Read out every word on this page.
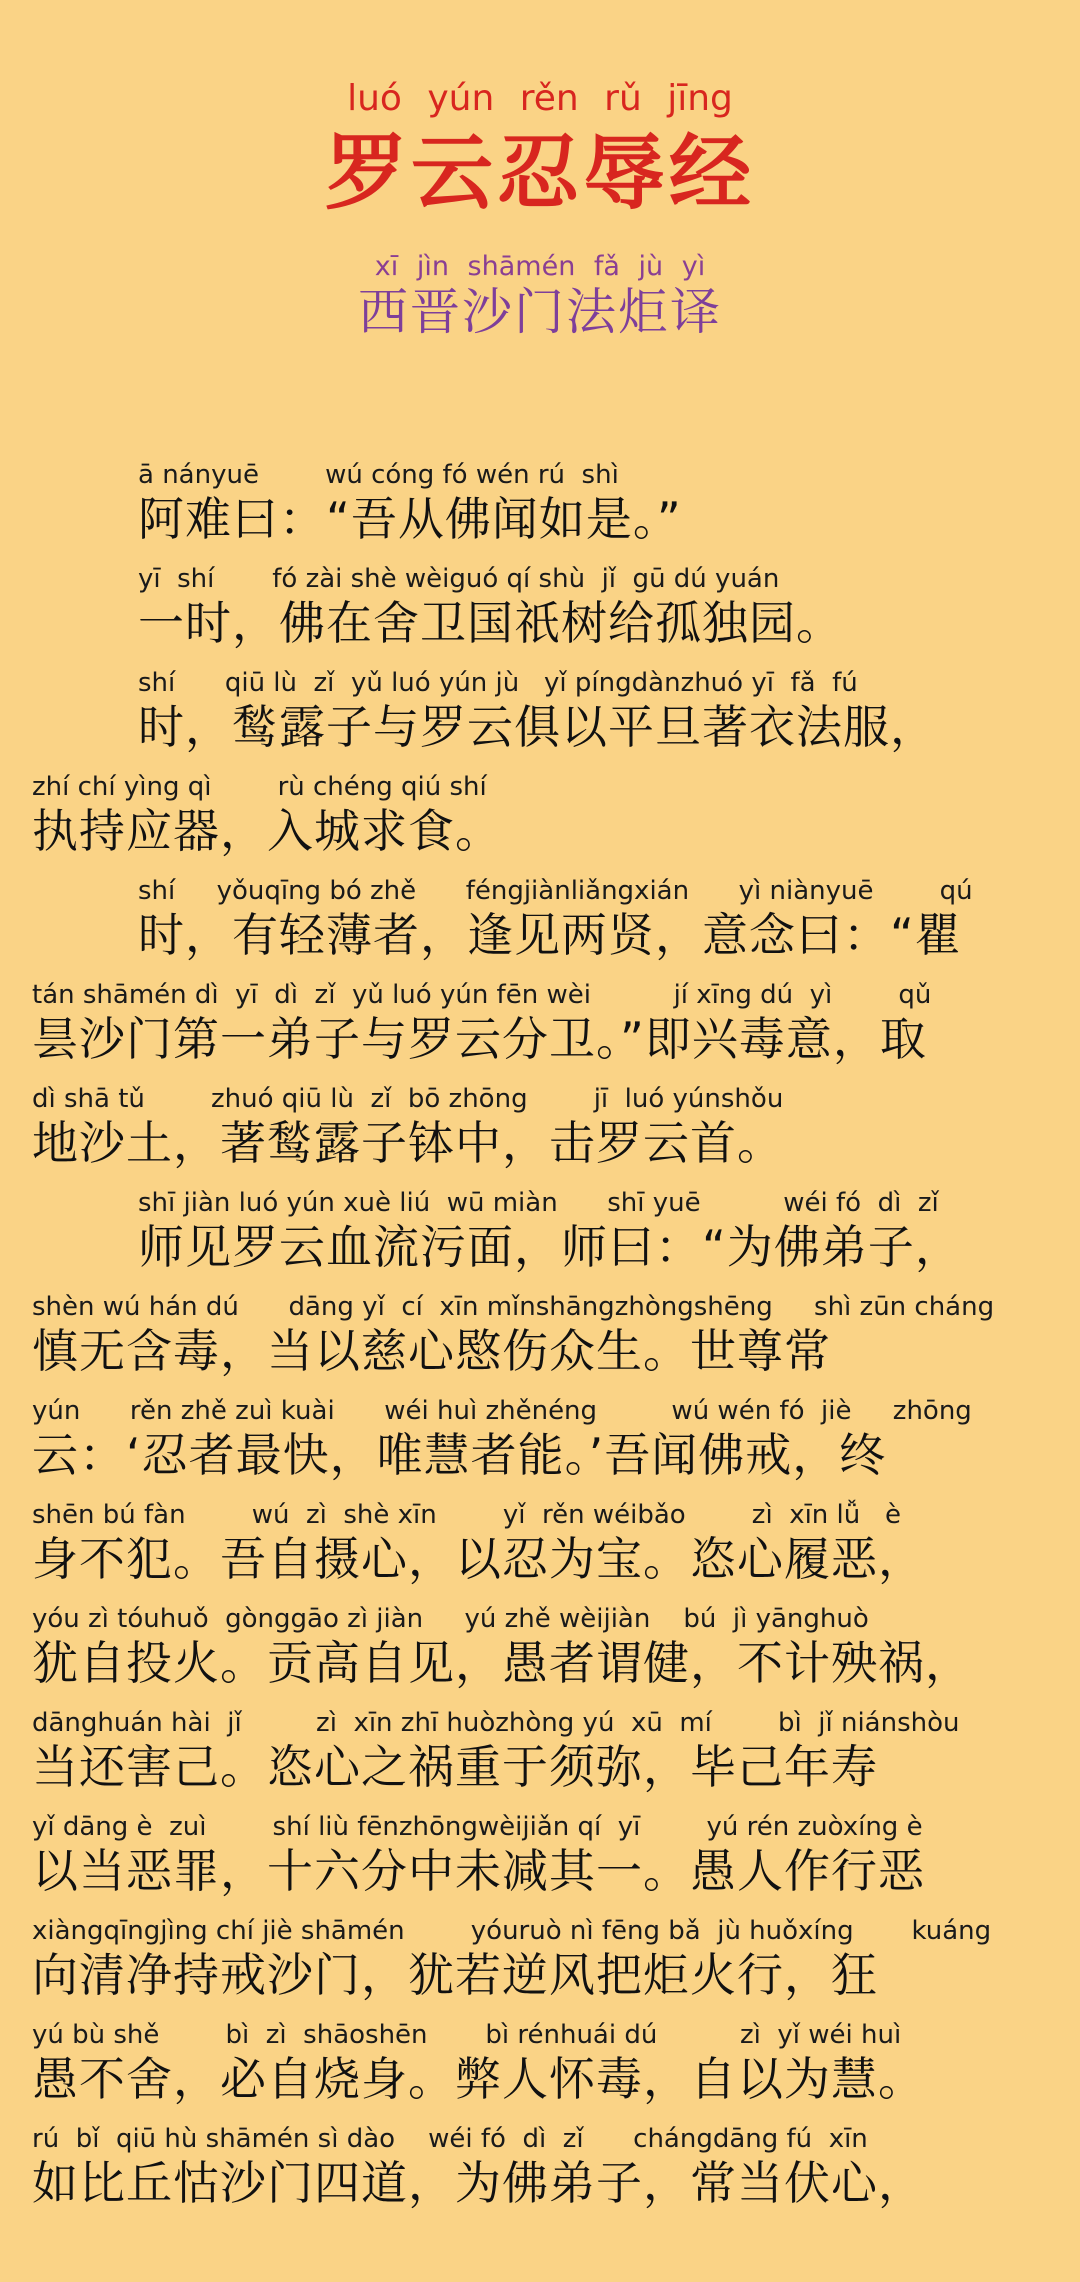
luó yún rěn rǔ jīng
罗云忍辱经
xī jìn shāmén fǎ jù yì
西晋沙门法炬译
ā nányuē        wú cóng fó wén rú  shì
阿难曰：“吾从佛闻如是。”
yī  shí       fó zài shè wèiguó qí shù  jǐ  gū dú yuán
一时，佛在舍卫国祇树给孤独园。
shí      qiū lù  zǐ  yǔ luó yún jù   yǐ píngdànzhuó yī  fǎ  fú
时，鹙露子与罗云俱以平旦著衣法服，
zhí chí yìng qì        rù chéng qiú shí
执持应器，入城求食。
shí     yǒuqīng bó zhě      féngjiànliǎngxián      yì niànyuē        qú
时，有轻薄者，逢见两贤，意念曰：“瞿
tán shāmén dì  yī  dì  zǐ  yǔ luó yún fēn wèi          jí xīng dú  yì        qǔ
昙沙门第一弟子与罗云分卫。”即兴毒意，取
dì shā tǔ        zhuó qiū lù  zǐ  bō zhōng        jī  luó yúnshǒu
地沙土，著鹙露子钵中，击罗云首。
shī jiàn luó yún xuè liú  wū miàn      shī yuē          wéi fó  dì  zǐ
师见罗云血流污面，师曰：“为佛弟子，
shèn wú hán dú      dāng yǐ  cí  xīn mǐnshāngzhòngshēng     shì zūn cháng
慎无含毒，当以慈心愍伤众生。世尊常
yún      rěn zhě zuì kuài      wéi huì zhěnéng         wú wén fó  jiè     zhōng
云：‘忍者最快，唯慧者能。’吾闻佛戒，终
shēn bú fàn        wú  zì  shè xīn        yǐ  rěn wéibǎo        zì  xīn lǚ   è
身不犯。吾自摄心，以忍为宝。恣心履恶，
yóu zì tóuhuǒ  gònggāo zì jiàn     yú zhě wèijiàn    bú  jì yānghuò
犹自投火。贡高自见，愚者谓健，不计殃祸，
dānghuán hài  jǐ         zì  xīn zhī huòzhòng yú  xū  mí        bì  jǐ niánshòu
当还害己。恣心之祸重于须弥，毕己年寿
yǐ dāng è  zuì        shí liù fēnzhōngwèijiǎn qí  yī        yú rén zuòxíng è
以当恶罪，十六分中未减其一。愚人作行恶
xiàngqīngjìng chí jiè shāmén        yóuruò nì fēng bǎ  jù huǒxíng       kuáng
向清净持戒沙门，犹若逆风把炬火行，狂
yú bù shě        bì  zì  shāoshēn       bì rénhuái dú          zì  yǐ wéi huì
愚不舍，必自烧身。弊人怀毒，自以为慧。
rú  bǐ  qiū hù shāmén sì dào    wéi fó  dì  zǐ      chángdāng fú  xīn
如比丘怙沙门四道，为佛弟子，常当伏心，
